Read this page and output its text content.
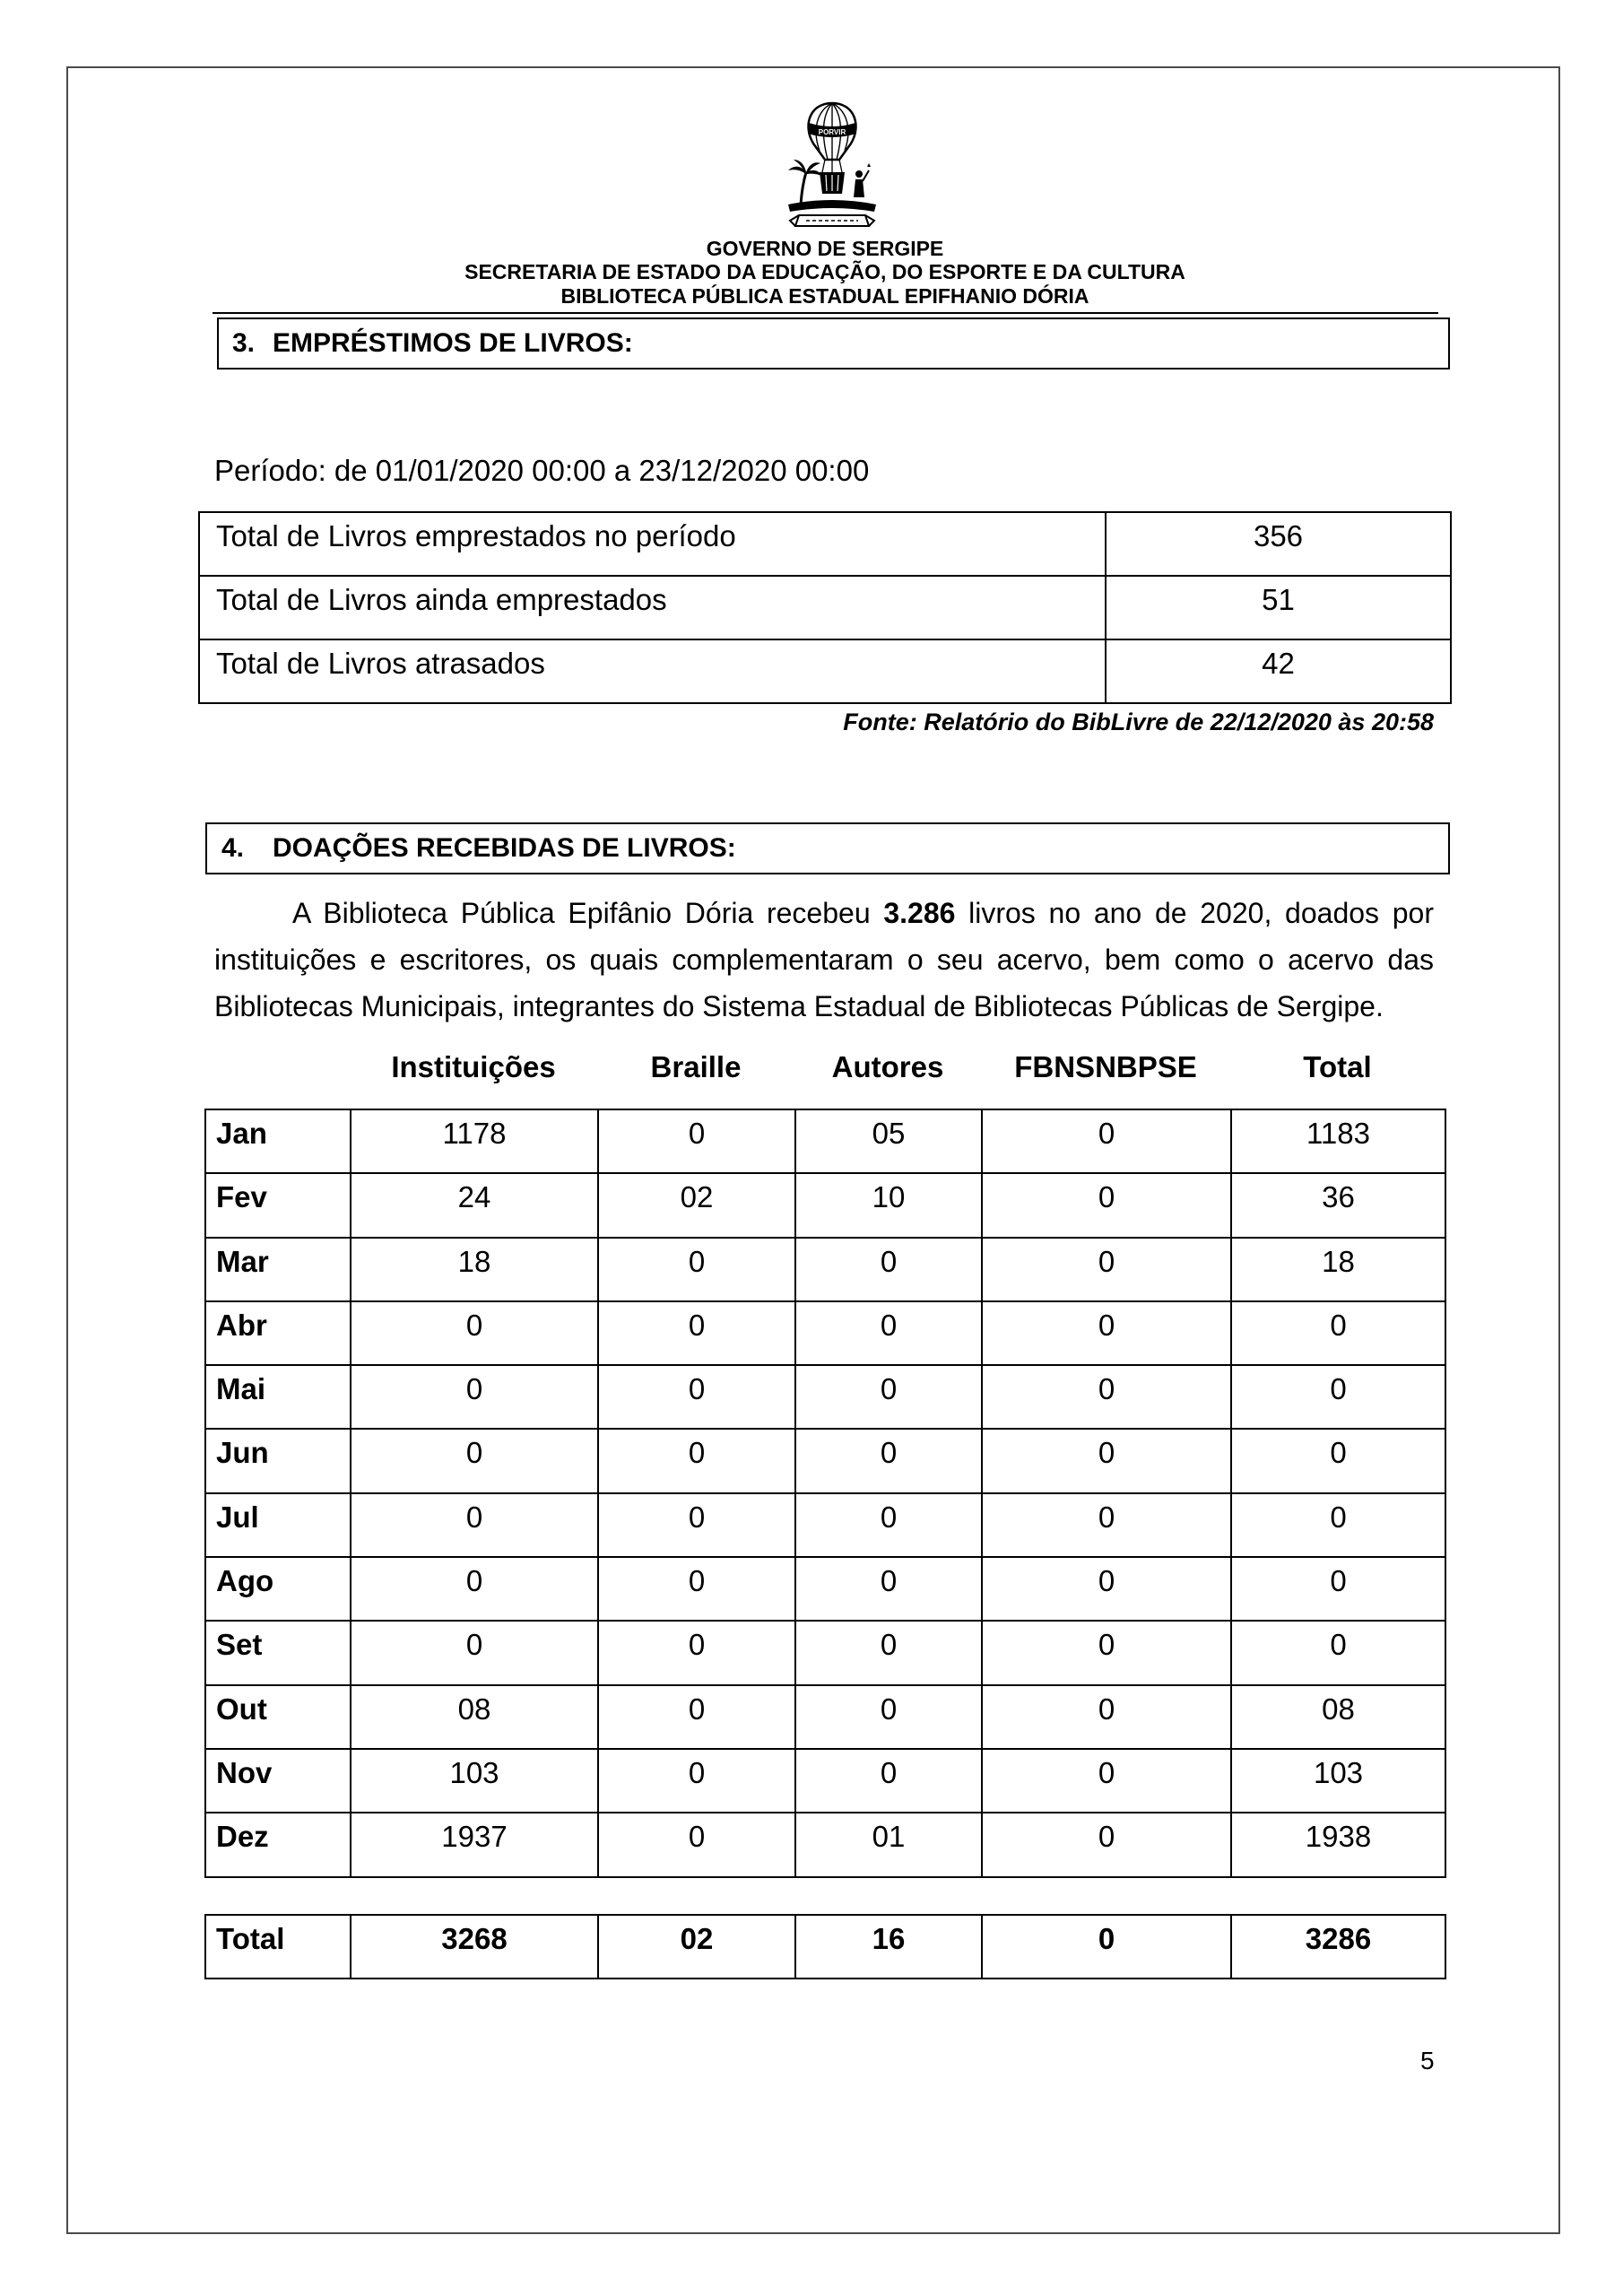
PORVIR
GOVERNO DE SERGIPE
SECRETARIA DE ESTADO DA EDUCAÇÃO, DO ESPORTE E DA CULTURA
BIBLIOTECA PÚBLICA ESTADUAL EPIFHANIO DÓRIA
3. EMPRÉSTIMOS DE LIVROS:
Período: de 01/01/2020 00:00 a 23/12/2020 00:00
Total de Livros emprestados no período	356
Total de Livros ainda emprestados	51
Total de Livros atrasados	42
Fonte: Relatório do BibLivre de 22/12/2020 às 20:58
4. DOAÇÕES RECEBIDAS DE LIVROS:
A Biblioteca Pública Epifânio Dória recebeu 3.286 livros no ano de 2020, doados por
instituições e escritores, os quais complementaram o seu acervo, bem como o acervo das
Bibliotecas Municipais, integrantes do Sistema Estadual de Bibliotecas Públicas de Sergipe.
	Instituições	Braille	Autores	FBNSNBPSE	Total
Jan	1178	0	05	0	1183
Fev	24	02	10	0	36
Mar	18	0	0	0	18
Abr	0	0	0	0	0
Mai	0	0	0	0	0
Jun	0	0	0	0	0
Jul	0	0	0	0	0
Ago	0	0	0	0	0
Set	0	0	0	0	0
Out	08	0	0	0	08
Nov	103	0	0	0	103
Dez	1937	0	01	0	1938
Total	3268	02	16	0	3286
5
